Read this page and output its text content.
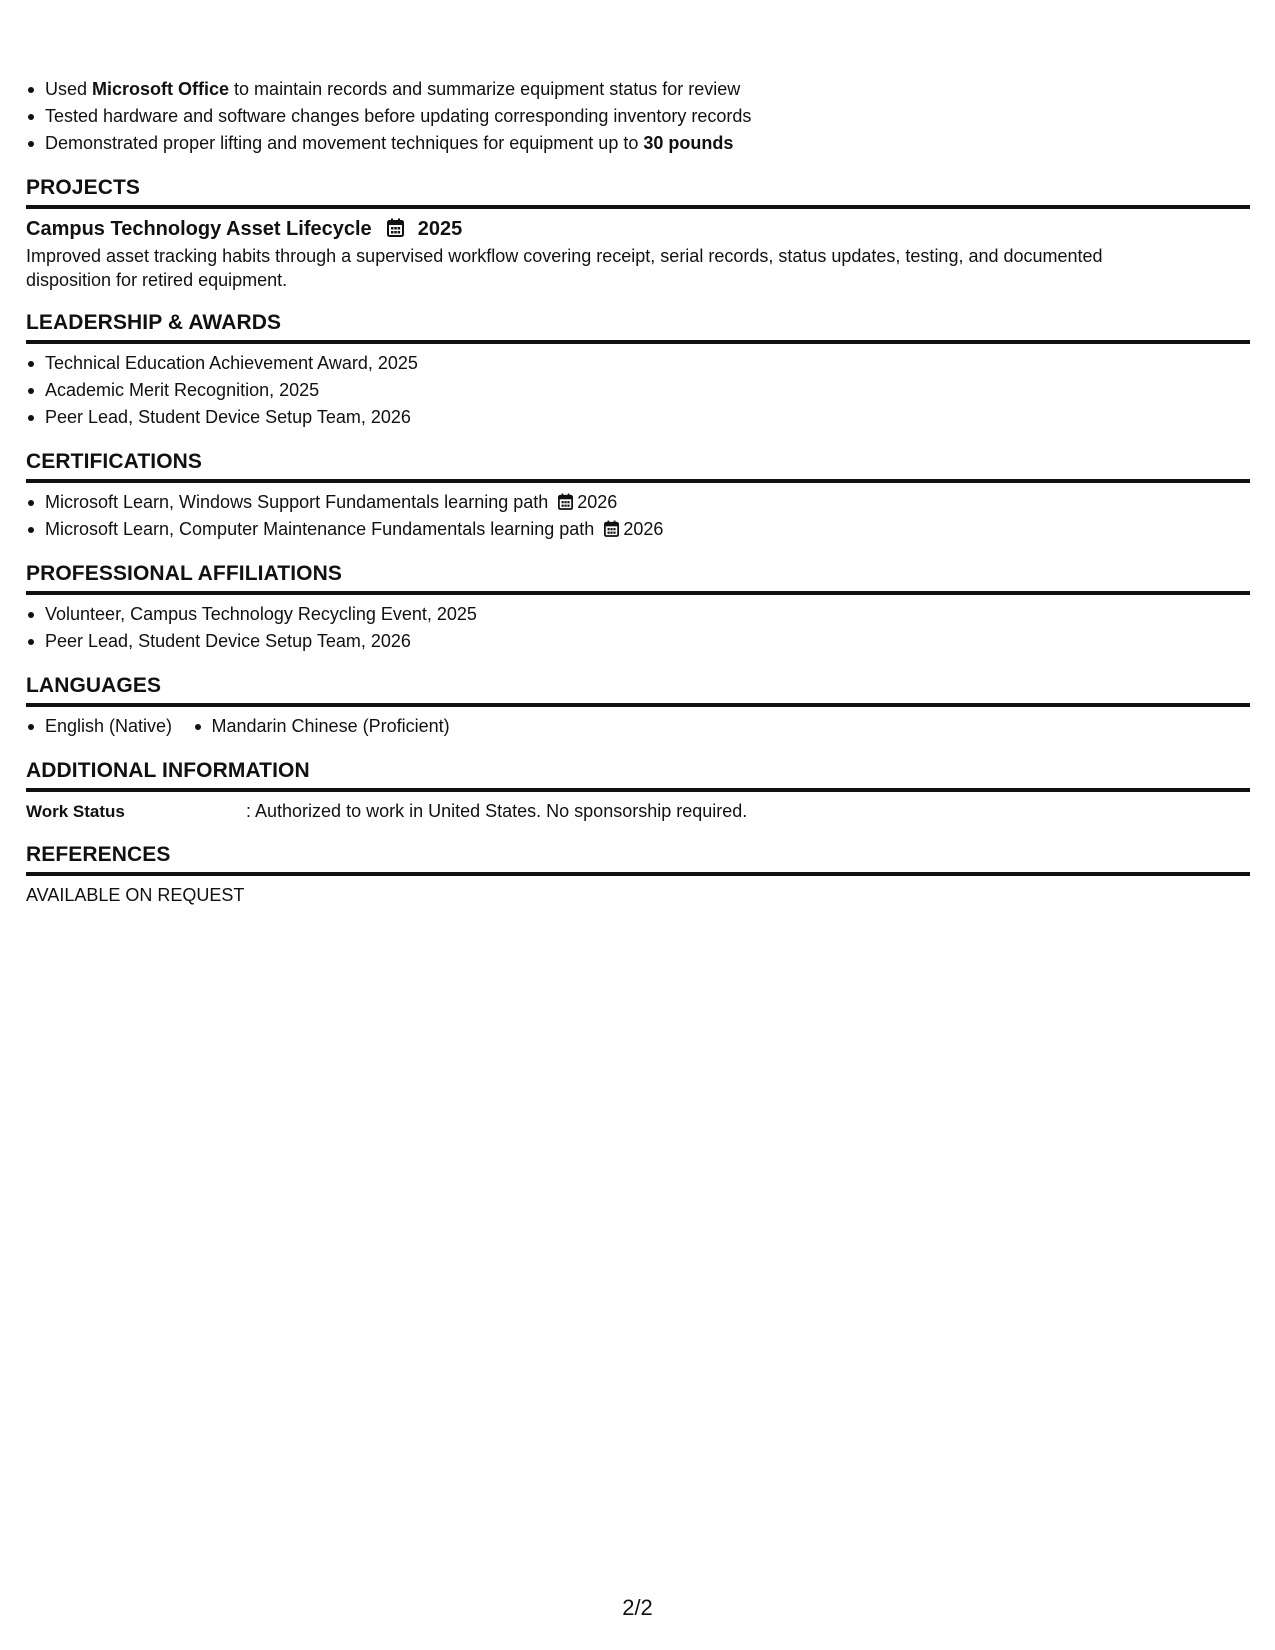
Used Microsoft Office to maintain records and summarize equipment status for review
Tested hardware and software changes before updating corresponding inventory records
Demonstrated proper lifting and movement techniques for equipment up to 30 pounds
PROJECTS
Campus Technology Asset Lifecycle 2025
Improved asset tracking habits through a supervised workflow covering receipt, serial records, status updates, testing, and documented disposition for retired equipment.
LEADERSHIP & AWARDS
Technical Education Achievement Award, 2025
Academic Merit Recognition, 2025
Peer Lead, Student Device Setup Team, 2026
CERTIFICATIONS
Microsoft Learn, Windows Support Fundamentals learning path 2026
Microsoft Learn, Computer Maintenance Fundamentals learning path 2026
PROFESSIONAL AFFILIATIONS
Volunteer, Campus Technology Recycling Event, 2025
Peer Lead, Student Device Setup Team, 2026
LANGUAGES
English (Native) Mandarin Chinese (Proficient)
ADDITIONAL INFORMATION
Work Status	: Authorized to work in United States. No sponsorship required.
REFERENCES
AVAILABLE ON REQUEST
2/2
